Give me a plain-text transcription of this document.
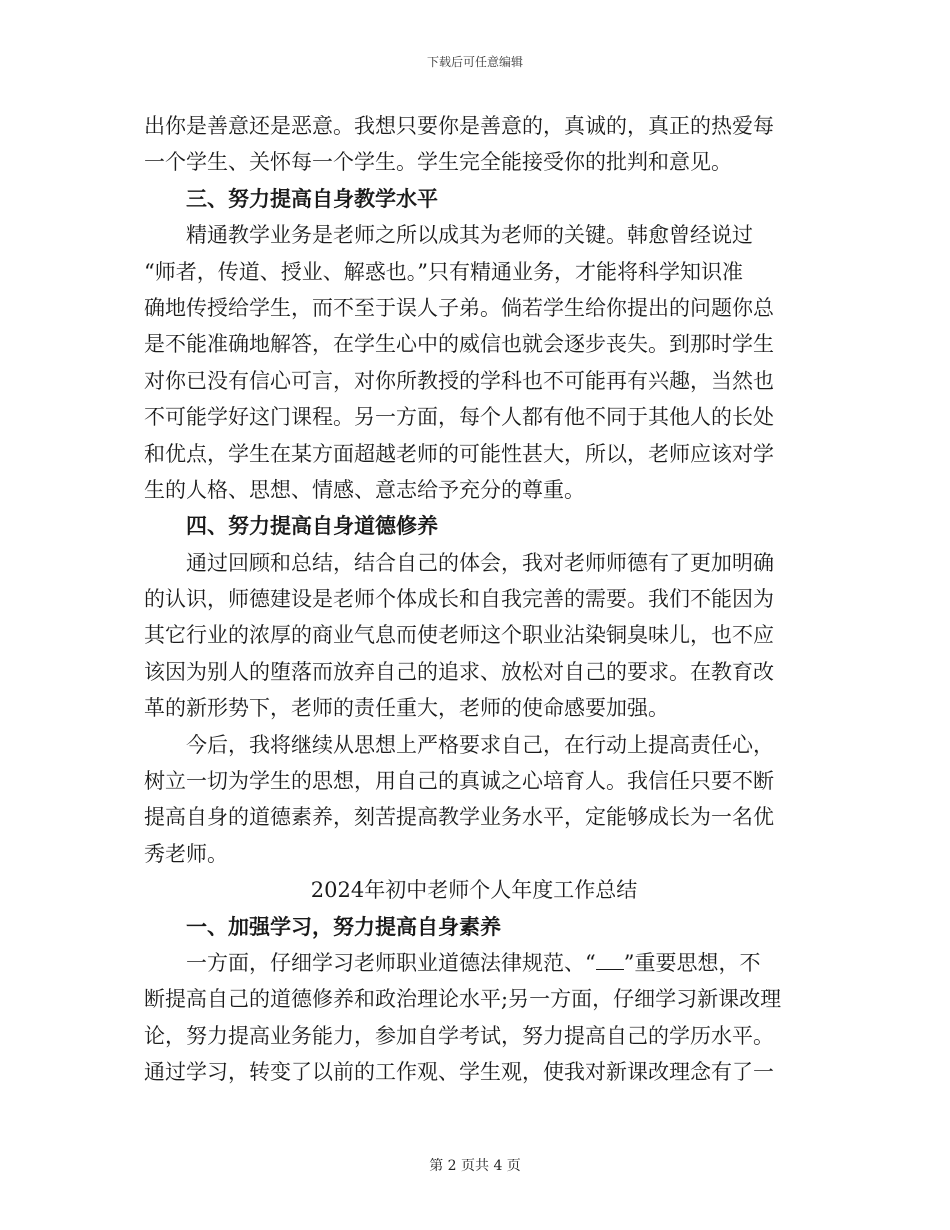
下载后可任意编辑
出你是善意还是恶意。我想只要你是善意的，真诚的，真正的热爱每
一个学生、关怀每一个学生。学生完全能接受你的批判和意见。
三、努力提高自身教学水平
精通教学业务是老师之所以成其为老师的关键。韩愈曾经说过
“师者，传道、授业、解惑也。”只有精通业务，才能将科学知识准
确地传授给学生，而不至于误人子弟。倘若学生给你提出的问题你总
是不能准确地解答，在学生心中的威信也就会逐步丧失。到那时学生
对你已没有信心可言，对你所教授的学科也不可能再有兴趣，当然也
不可能学好这门课程。另一方面，每个人都有他不同于其他人的长处
和优点，学生在某方面超越老师的可能性甚大，所以，老师应该对学
生的人格、思想、情感、意志给予充分的尊重。
四、努力提高自身道德修养
通过回顾和总结，结合自己的体会，我对老师师德有了更加明确
的认识，师德建设是老师个体成长和自我完善的需要。我们不能因为
其它行业的浓厚的商业气息而使老师这个职业沾染铜臭味儿，也不应
该因为别人的堕落而放弃自己的追求、放松对自己的要求。在教育改
革的新形势下，老师的责任重大，老师的使命感要加强。
今后，我将继续从思想上严格要求自己，在行动上提高责任心，
树立一切为学生的思想，用自己的真诚之心培育人。我信任只要不断
提高自身的道德素养，刻苦提高教学业务水平，定能够成长为一名优
秀老师。
2024年初中老师个人年度工作总结
一、加强学习，努力提高自身素养
一方面，仔细学习老师职业道德法律规范、“ ”重要思想，不
断提高自己的道德修养和政治理论水平;另一方面，仔细学习新课改理
论，努力提高业务能力，参加自学考试，努力提高自己的学历水平。
通过学习，转变了以前的工作观、学生观，使我对新课改理念有了一
第 2 页共 4 页
